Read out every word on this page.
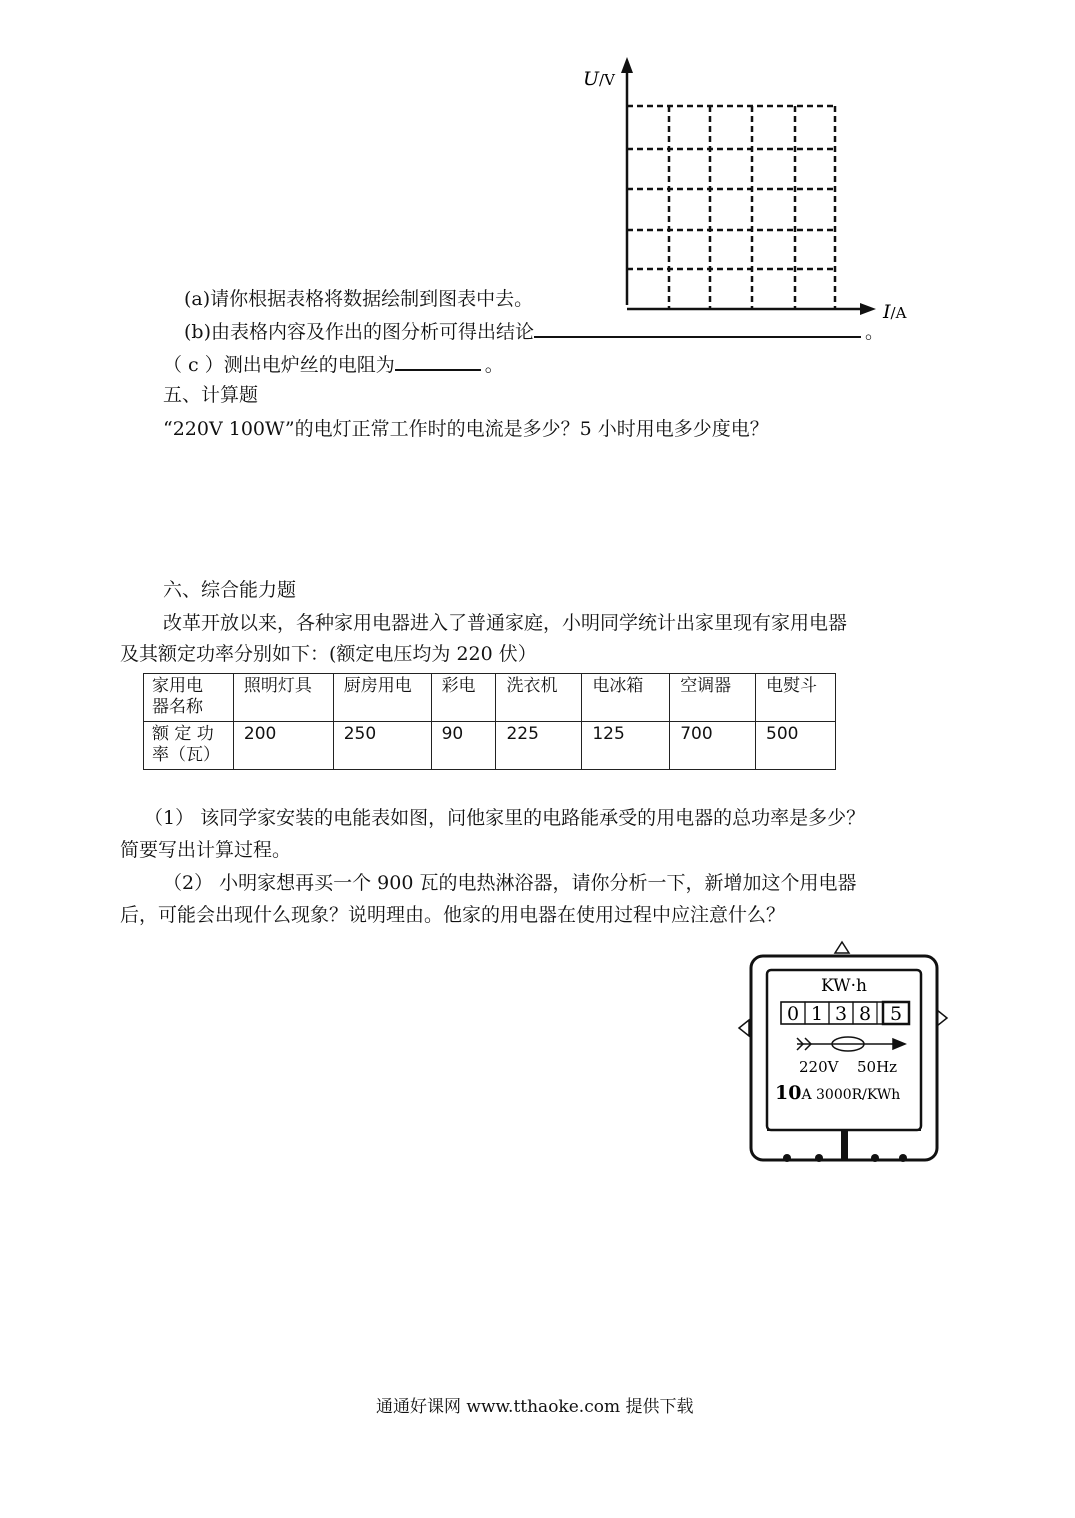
U/V
I/A
(a)请你根据表格将数据绘制到图表中去。
(b)由表格内容及作出的图分析可得出结论	。
（ c ）测出电炉丝的电阻为	。
五、计算题
“220V 100W”的电灯正常工作时的电流是多少？5 小时用电多少度电？
六、综合能力题
改革开放以来，各种家用电器进入了普通家庭，小明同学统计出家里现有家用电器
及其额定功率分别如下：(额定电压均为 220 伏）
家用电
器名称	照明灯具	厨房用电	彩电	洗衣机	电冰箱	空调器	电熨斗
额 定 功
率（瓦）	200	250	90	225	125	700	500
（1） 该同学家安装的电能表如图，问他家里的电路能承受的用电器的总功率是多少？
简要写出计算过程。
（2） 小明家想再买一个 900 瓦的电热淋浴器，请你分析一下，新增加这个用电器
后，可能会出现什么现象？说明理由。他家的用电器在使用过程中应注意什么？
KW·h
0 1 3 8 5
220V 50Hz
10A 3000R/KWh
通通好课网 www.tthaoke.com 提供下载
